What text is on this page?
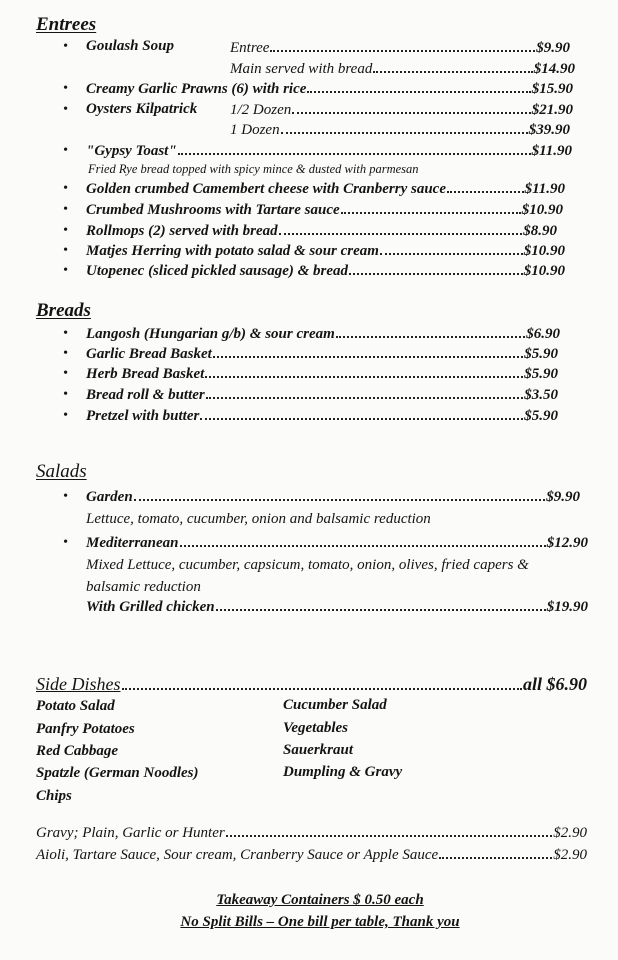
Entrees
• Goulash Soup	Entree	$9.90
Main served with bread	$14.90
• Creamy Garlic Prawns (6) with rice	$15.90
• Oysters Kilpatrick 1/2 Dozen	$21.90
1 Dozen	$39.90
• "Gypsy Toast"	$11.90
Fried Rye bread topped with spicy mince & dusted with parmesan
• Golden crumbed Camembert cheese with Cranberry sauce	$11.90
• Crumbed Mushrooms with Tartare sauce	$10.90
• Rollmops (2) served with bread	$8.90
• Matjes Herring with potato salad & sour cream	$10.90
• Utopenec (sliced pickled sausage) & bread	$10.90
Breads
• Langosh (Hungarian g/b) & sour cream	$6.90
• Garlic Bread Basket	$5.90
• Herb Bread Basket	$5.90
• Bread roll & butter	$3.50
• Pretzel with butter	$5.90
Salads
• Garden	$9.90
Lettuce, tomato, cucumber, onion and balsamic reduction
• Mediterranean	$12.90
Mixed Lettuce, cucumber, capsicum, tomato, onion, olives, fried capers &
balsamic reduction
With Grilled chicken	$19.90
Side Dishes	all $6.90
Potato Salad
Panfry Potatoes
Red Cabbage
Spatzle (German Noodles)
Chips
Cucumber Salad
Vegetables
Sauerkraut
Dumpling & Gravy
Gravy; Plain, Garlic or Hunter	$2.90
Aioli, Tartare Sauce, Sour cream, Cranberry Sauce or Apple Sauce	$2.90
Takeaway Containers $ 0.50 each
No Split Bills – One bill per table, Thank you
